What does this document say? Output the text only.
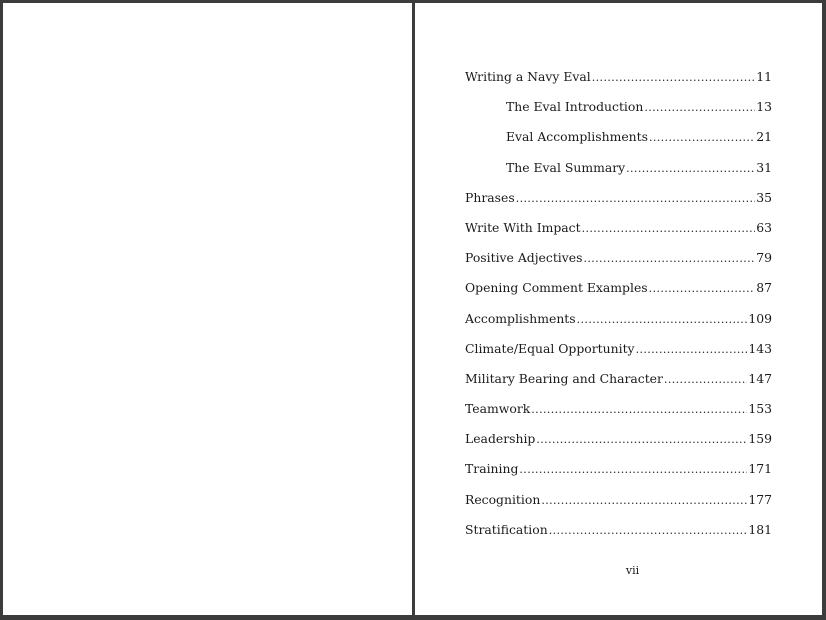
Writing a Navy Eval .....	11
The Eval Introduction .....	13
Eval Accomplishments .....	21
The Eval Summary .....	31
Phrases .....	35
Write With Impact .....	63
Positive Adjectives .....	79
Opening Comment Examples .....	87
Accomplishments .....	109
Climate/Equal Opportunity .....	143
Military Bearing and Character .....	147
Teamwork .....	153
Leadership .....	159
Training .....	171
Recognition .....	177
Stratification .....	181
vii
